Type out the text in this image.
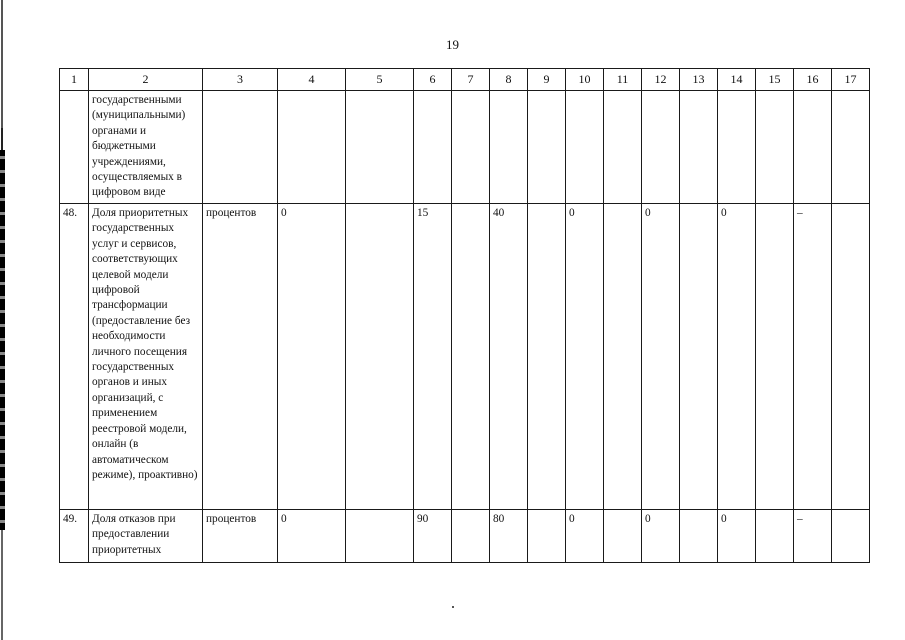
19
1	2	3	4	5	6	7	8	9	10	11	12	13	14	15	16	17
	государственными (муниципальными) органами и бюджетными учреждениями, осуществляемых в цифровом виде															
48.	Доля приоритетных государственных услуг и сервисов, соответствующих целевой модели цифровой трансформации (предоставление без необходимости личного посещения государственных органов и иных организаций, с применением реестровой модели, онлайн (в автоматическом режиме), проактивно)	процентов	0		15		40		0		0		0		–	
49.	Доля отказов при предоставлении приоритетных	процентов	0		90		80		0		0		0		–	
